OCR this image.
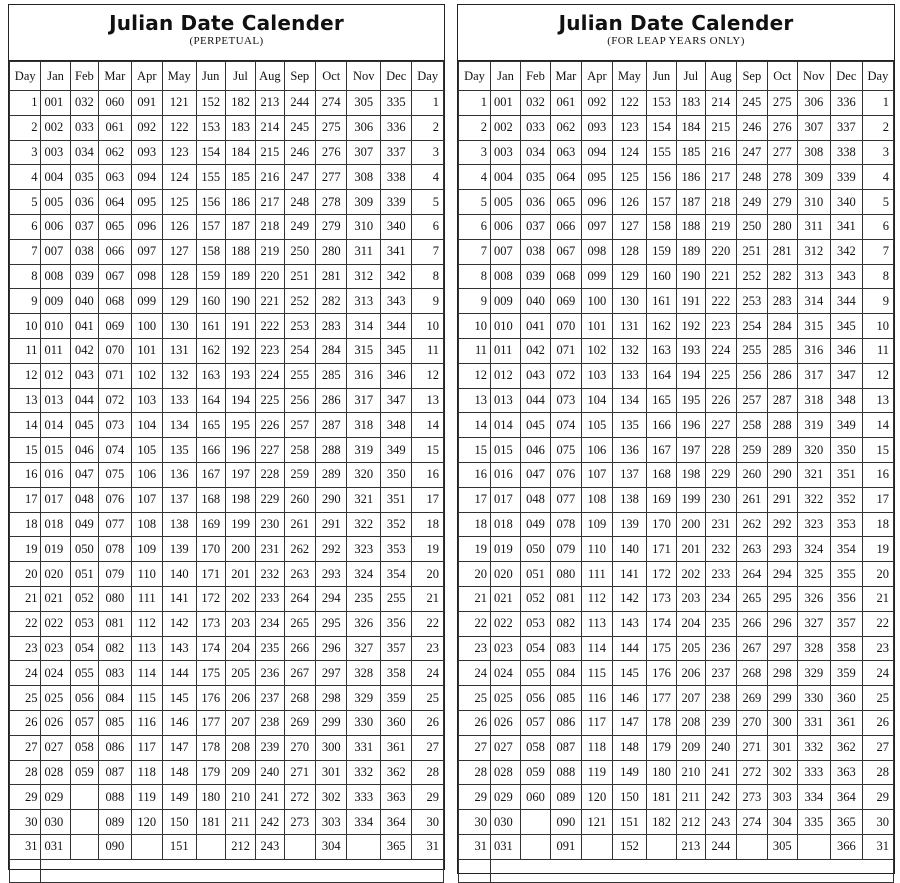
Julian Date Calender
(PERPETUAL)
Day	Jan	Feb	Mar	Apr	May	Jun	Jul	Aug	Sep	Oct	Nov	Dec	Day
1	001	032	060	091	121	152	182	213	244	274	305	335	1
2	002	033	061	092	122	153	183	214	245	275	306	336	2
3	003	034	062	093	123	154	184	215	246	276	307	337	3
4	004	035	063	094	124	155	185	216	247	277	308	338	4
5	005	036	064	095	125	156	186	217	248	278	309	339	5
6	006	037	065	096	126	157	187	218	249	279	310	340	6
7	007	038	066	097	127	158	188	219	250	280	311	341	7
8	008	039	067	098	128	159	189	220	251	281	312	342	8
9	009	040	068	099	129	160	190	221	252	282	313	343	9
10	010	041	069	100	130	161	191	222	253	283	314	344	10
11	011	042	070	101	131	162	192	223	254	284	315	345	11
12	012	043	071	102	132	163	193	224	255	285	316	346	12
13	013	044	072	103	133	164	194	225	256	286	317	347	13
14	014	045	073	104	134	165	195	226	257	287	318	348	14
15	015	046	074	105	135	166	196	227	258	288	319	349	15
16	016	047	075	106	136	167	197	228	259	289	320	350	16
17	017	048	076	107	137	168	198	229	260	290	321	351	17
18	018	049	077	108	138	169	199	230	261	291	322	352	18
19	019	050	078	109	139	170	200	231	262	292	323	353	19
20	020	051	079	110	140	171	201	232	263	293	324	354	20
21	021	052	080	111	141	172	202	233	264	294	235	255	21
22	022	053	081	112	142	173	203	234	265	295	326	356	22
23	023	054	082	113	143	174	204	235	266	296	327	357	23
24	024	055	083	114	144	175	205	236	267	297	328	358	24
25	025	056	084	115	145	176	206	237	268	298	329	359	25
26	026	057	085	116	146	177	207	238	269	299	330	360	26
27	027	058	086	117	147	178	208	239	270	300	331	361	27
28	028	059	087	118	148	179	209	240	271	301	332	362	28
29	029		088	119	149	180	210	241	272	302	333	363	29
30	030		089	120	150	181	211	242	273	303	334	364	30
31	031		090		151		212	243		304		365	31

Julian Date Calender
(FOR LEAP YEARS ONLY)
Day	Jan	Feb	Mar	Apr	May	Jun	Jul	Aug	Sep	Oct	Nov	Dec	Day
1	001	032	061	092	122	153	183	214	245	275	306	336	1
2	002	033	062	093	123	154	184	215	246	276	307	337	2
3	003	034	063	094	124	155	185	216	247	277	308	338	3
4	004	035	064	095	125	156	186	217	248	278	309	339	4
5	005	036	065	096	126	157	187	218	249	279	310	340	5
6	006	037	066	097	127	158	188	219	250	280	311	341	6
7	007	038	067	098	128	159	189	220	251	281	312	342	7
8	008	039	068	099	129	160	190	221	252	282	313	343	8
9	009	040	069	100	130	161	191	222	253	283	314	344	9
10	010	041	070	101	131	162	192	223	254	284	315	345	10
11	011	042	071	102	132	163	193	224	255	285	316	346	11
12	012	043	072	103	133	164	194	225	256	286	317	347	12
13	013	044	073	104	134	165	195	226	257	287	318	348	13
14	014	045	074	105	135	166	196	227	258	288	319	349	14
15	015	046	075	106	136	167	197	228	259	289	320	350	15
16	016	047	076	107	137	168	198	229	260	290	321	351	16
17	017	048	077	108	138	169	199	230	261	291	322	352	17
18	018	049	078	109	139	170	200	231	262	292	323	353	18
19	019	050	079	110	140	171	201	232	263	293	324	354	19
20	020	051	080	111	141	172	202	233	264	294	325	355	20
21	021	052	081	112	142	173	203	234	265	295	326	356	21
22	022	053	082	113	143	174	204	235	266	296	327	357	22
23	023	054	083	114	144	175	205	236	267	297	328	358	23
24	024	055	084	115	145	176	206	237	268	298	329	359	24
25	025	056	085	116	146	177	207	238	269	299	330	360	25
26	026	057	086	117	147	178	208	239	270	300	331	361	26
27	027	058	087	118	148	179	209	240	271	301	332	362	27
28	028	059	088	119	149	180	210	241	272	302	333	363	28
29	029	060	089	120	150	181	211	242	273	303	334	364	29
30	030		090	121	151	182	212	243	274	304	335	365	30
31	031		091		152		213	244		305		366	31
